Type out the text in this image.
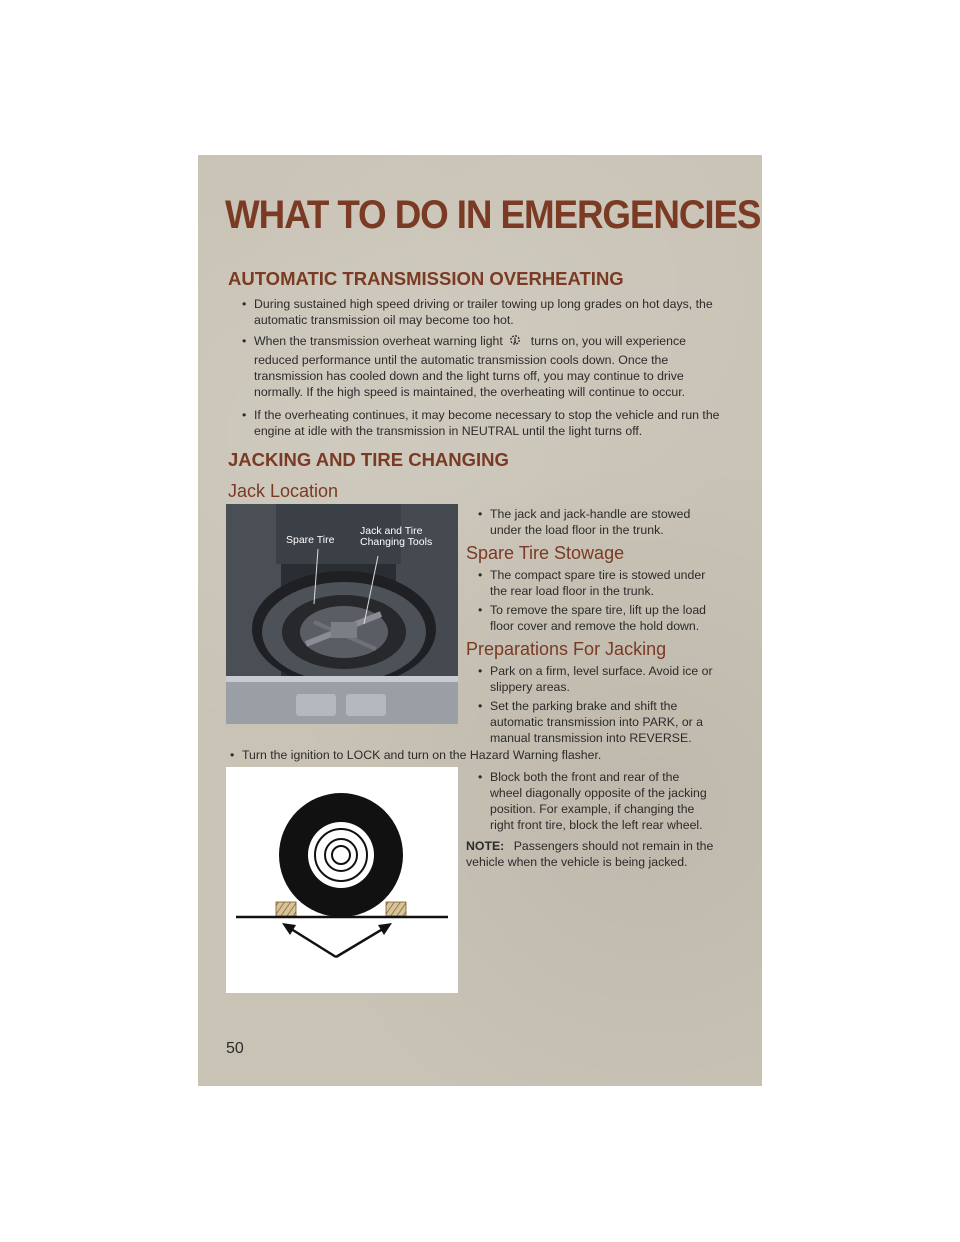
WHAT TO DO IN EMERGENCIES
AUTOMATIC TRANSMISSION OVERHEATING
• During sustained high speed driving or trailer towing up long grades on hot days, the automatic transmission oil may become too hot.
• When the transmission overheat warning light turns on, you will experience
reduced performance until the automatic transmission cools down. Once the transmission has cooled down and the light turns off, you may continue to drive normally. If the high speed is maintained, the overheating will continue to occur.
• If the overheating continues, it may become necessary to stop the vehicle and run the engine at idle with the transmission in NEUTRAL until the light turns off.
JACKING AND TIRE CHANGING
Jack Location
Spare Tire
Jack and Tire Changing Tools
• The jack and jack-handle are stowed under the load floor in the trunk.
Spare Tire Stowage
• The compact spare tire is stowed under the rear load floor in the trunk.
• To remove the spare tire, lift up the load floor cover and remove the hold down.
Preparations For Jacking
• Park on a firm, level surface. Avoid ice or slippery areas.
• Set the parking brake and shift the automatic transmission into PARK, or a manual transmission into REVERSE.
• Turn the ignition to LOCK and turn on the Hazard Warning flasher.
• Block both the front and rear of the wheel diagonally opposite of the jacking position. For example, if changing the right front tire, block the left rear wheel.
NOTE: Passengers should not remain in the vehicle when the vehicle is being jacked.
50
